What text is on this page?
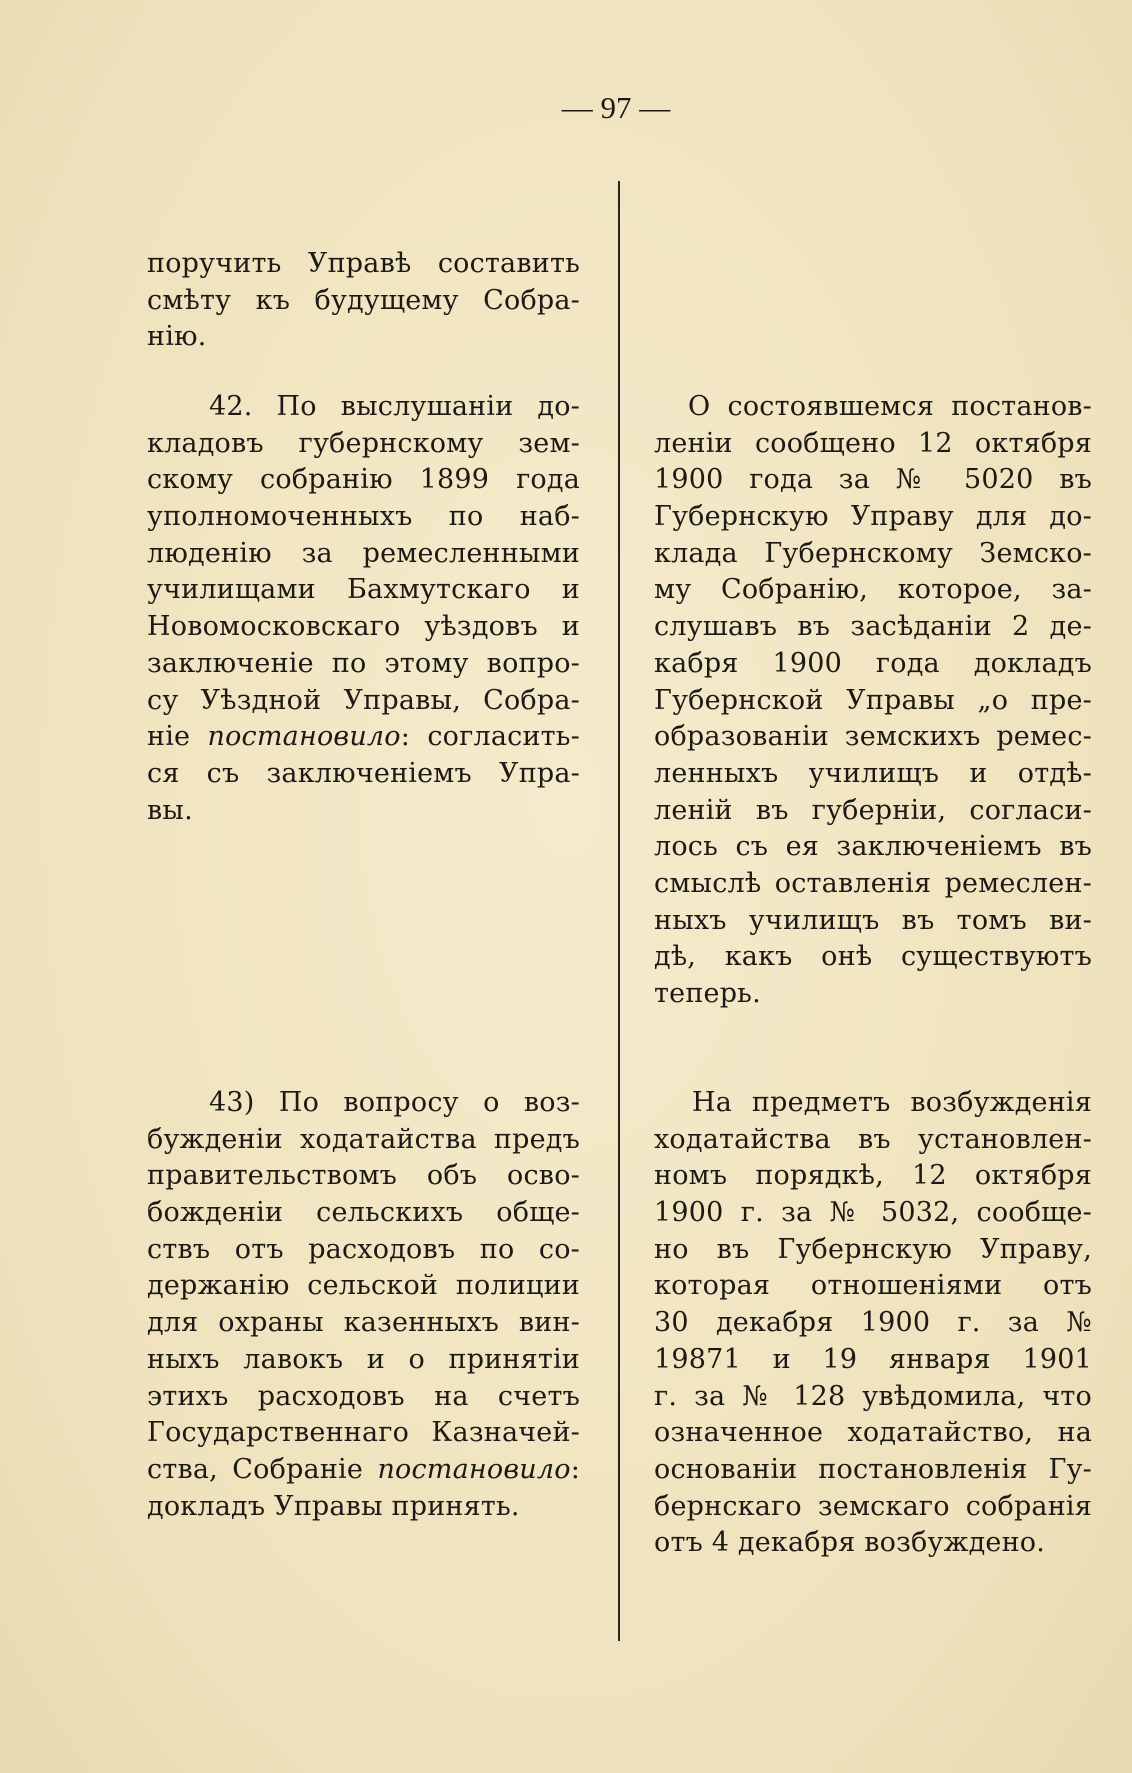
— 97 —
поручить Управѣ составить
смѣту къ будущему Собра-
нiю.
42. По выслушанiи до-
кладовъ губернскому зем-
скому собранiю 1899 года
уполномоченныхъ по наб-
люденiю за ремесленными
училищами Бахмутскаго и
Новомосковскаго уѣздовъ и
заключенiе по этому вопро-
су Уѣздной Управы, Собра-
нiе постановило: согласить-
ся съ заключенiемъ Упра-
вы.
43) По вопросу о воз-
бужденiи ходатайства предъ
правительствомъ объ осво-
божденiи сельскихъ обще-
ствъ отъ расходовъ по со-
держанiю сельской полиции
для охраны казенныхъ вин-
ныхъ лавокъ и о принятiи
этихъ расходовъ на счетъ
Государственнаго Казначей-
ства, Собранiе постановило:
докладъ Управы принять.
О состоявшемся постанов-
ленiи сообщено 12 октября
1900 года за № 5020 въ
Губернскую Управу для до-
клада Губернскому Земско-
му Собранiю, которое, за-
слушавъ въ засѣданiи 2 де-
кабря 1900 года докладъ
Губернской Управы „о пре-
образованiи земскихъ ремес-
ленныхъ училищъ и отдѣ-
ленiй въ губернiи, согласи-
лось съ ея заключенiемъ въ
смыслѣ оставленiя ремеслен-
ныхъ училищъ въ томъ ви-
дѣ, какъ онѣ существуютъ
теперь.
На предметъ возбужденiя
ходатайства въ установлен-
номъ порядкѣ, 12 октября
1900 г. за № 5032, сообще-
но въ Губернскую Управу,
которая отношенiями отъ
30 декабря 1900 г. за №
19871 и 19 января 1901
г. за № 128 увѣдомила, что
означенное ходатайство, на
основанiи постановленiя Гу-
бернскаго земскаго собранiя
отъ 4 декабря возбуждено.
